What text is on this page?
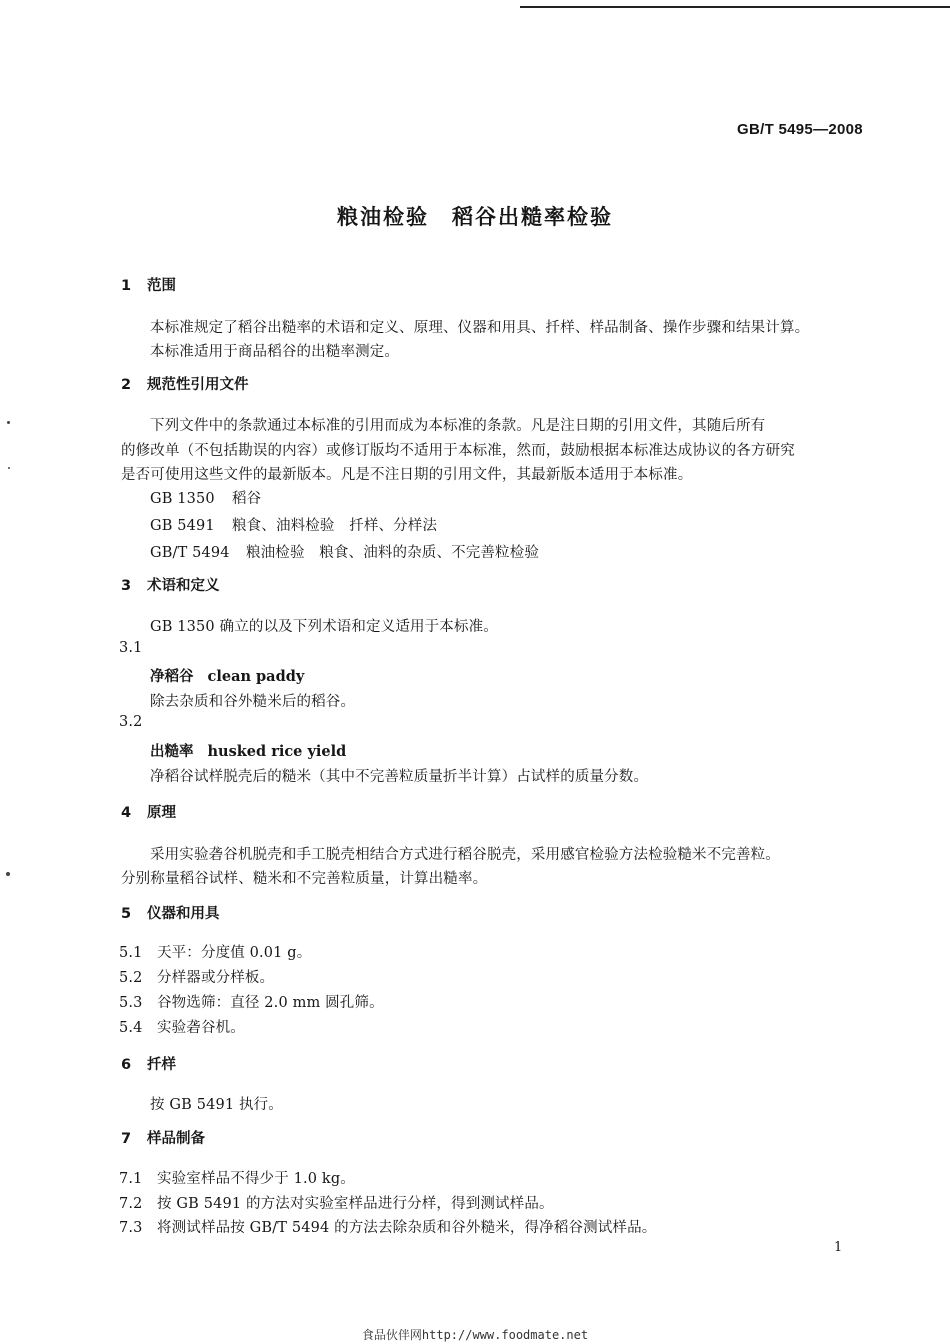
GB/T 5495—2008
粮油检验　稻谷出糙率检验
1 范围
本标准规定了稻谷出糙率的术语和定义、原理、仪器和用具、扦样、样品制备、操作步骤和结果计算。
本标准适用于商品稻谷的出糙率测定。
2 规范性引用文件
下列文件中的条款通过本标准的引用而成为本标准的条款。凡是注日期的引用文件，其随后所有
的修改单（不包括勘误的内容）或修订版均不适用于本标准，然而，鼓励根据本标准达成协议的各方研究
是否可使用这些文件的最新版本。凡是不注日期的引用文件，其最新版本适用于本标准。
GB 1350 稻谷
GB 5491 粮食、油料检验　扦样、分样法
GB/T 5494 粮油检验　粮食、油料的杂质、不完善粒检验
3 术语和定义
GB 1350 确立的以及下列术语和定义适用于本标准。
3.1
净稻谷 clean paddy
除去杂质和谷外糙米后的稻谷。
3.2
出糙率 husked rice yield
净稻谷试样脱壳后的糙米（其中不完善粒质量折半计算）占试样的质量分数。
4 原理
采用实验砻谷机脱壳和手工脱壳相结合方式进行稻谷脱壳，采用感官检验方法检验糙米不完善粒。
分别称量稻谷试样、糙米和不完善粒质量，计算出糙率。
5 仪器和用具
5.1 天平：分度值 0.01 g。
5.2 分样器或分样板。
5.3 谷物选筛：直径 2.0 mm 圆孔筛。
5.4 实验砻谷机。
6 扦样
按 GB 5491 执行。
7 样品制备
7.1 实验室样品不得少于 1.0 kg。
7.2 按 GB 5491 的方法对实验室样品进行分样，得到测试样品。
7.3 将测试样品按 GB/T 5494 的方法去除杂质和谷外糙米，得净稻谷测试样品。
1
食品伙伴网http://www.foodmate.net
